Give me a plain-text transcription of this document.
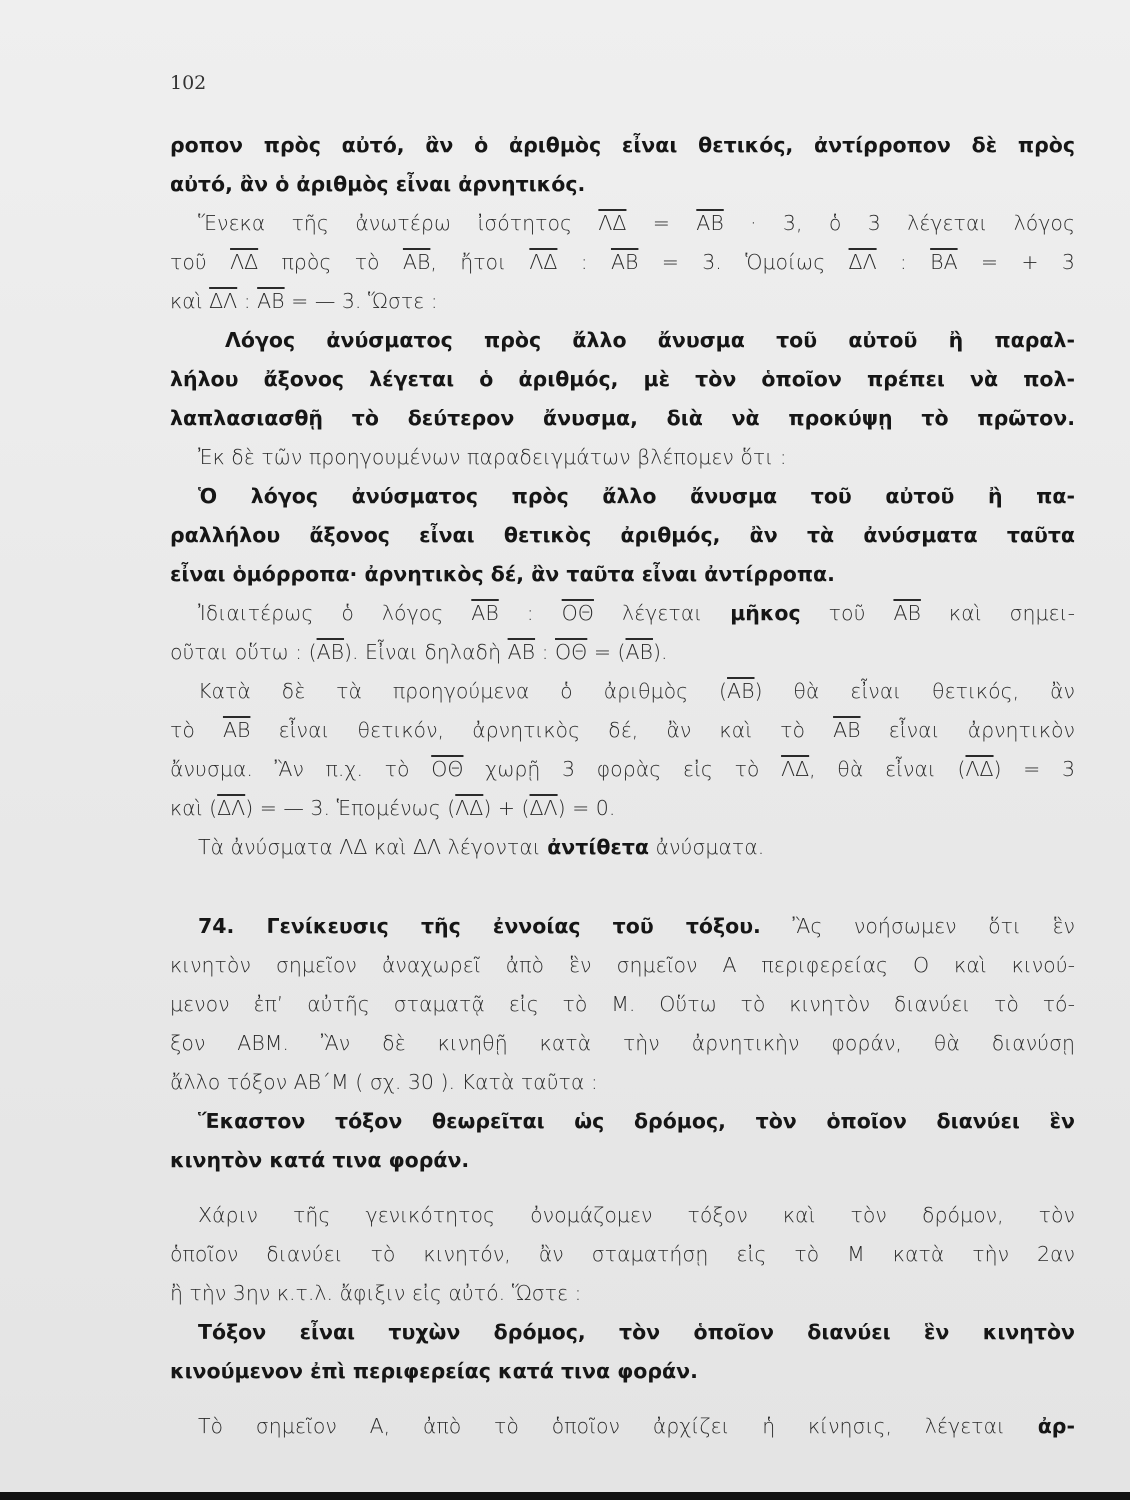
102
ροπον πρὸς αὐτό, ἂν ὁ ἀριθμὸς εἶναι θετικός, ἀντίρροπον δὲ πρὸς
αὐτό, ἂν ὁ ἀριθμὸς εἶναι ἀρνητικός.
Ἕνεκα τῆς ἀνωτέρω ἰσότητος $\overline{\Lambda\Delta} = \overline{AB} \cdot 3$, ὁ 3 λέγεται λόγος
τοῦ $\overline{\Lambda\Delta}$ πρὸς τὸ $\overline{AB}$, ἤτοι $\overline{\Lambda\Delta}$ : $\overline{AB} = 3$. Ὁμοίως $\overline{\Delta\Lambda}$ : $\overline{BA}$ = + 3
καὶ $\overline{\Delta\Lambda}$ : $\overline{AB}$ = — 3. Ὥστε :
Λόγος ἀνύσματος πρὸς ἄλλο ἄνυσμα τοῦ αὐτοῦ ἢ παραλ-
λήλου ἄξονος λέγεται ὁ ἀριθμός, μὲ τὸν ὁποῖον πρέπει νὰ πολ-
λαπλασιασθῇ τὸ δεύτερον ἄνυσμα, διὰ νὰ προκύψῃ τὸ πρῶτον.
Ἐκ δὲ τῶν προηγουμένων παραδειγμάτων βλέπομεν ὅτι :
Ὁ λόγος ἀνύσματος πρὸς ἄλλο ἄνυσμα τοῦ αὐτοῦ ἢ πα-
ραλλήλου ἄξονος εἶναι θετικὸς ἀριθμός, ἂν τὰ ἀνύσματα ταῦτα
εἶναι ὁμόρροπα· ἀρνητικὸς δέ, ἂν ταῦτα εἶναι ἀντίρροπα.
Ἰδιαιτέρως ὁ λόγος $\overline{AB}$ : $\overline{O\Theta}$ λέγεται μῆκος τοῦ $\overline{AB}$ καὶ σημει-
οῦται οὕτω : $(\overline{AB})$. Εἶναι δηλαδὴ $\overline{AB}$ : $\overline{O\Theta} = (\overline{AB})$.
Κατὰ δὲ τὰ προηγούμενα ὁ ἀριθμὸς $(\overline{AB})$ θὰ εἶναι θετικός, ἂν
τὸ $\overline{AB}$ εἶναι θετικόν, ἀρνητικὸς δέ, ἂν καὶ τὸ $\overline{AB}$ εἶναι ἀρνητικὸν
ἄνυσμα. Ἂν π.χ. τὸ $\overline{O\Theta}$ χωρῇ 3 φορὰς εἰς τὸ $\overline{\Lambda\Delta}$, θὰ εἶναι $(\overline{\Lambda\Delta}) = 3$
καὶ $(\overline{\Delta\Lambda})$ = — 3. Ἑπομένως $(\overline{\Lambda\Delta}) + (\overline{\Delta\Lambda}) = 0$.
Τὰ ἀνύσματα ΛΔ καὶ ΔΛ λέγονται ἀντίθετα ἀνύσματα.
74. Γενίκευσις τῆς ἐννοίας τοῦ τόξου. Ἂς νοήσωμεν ὅτι ἓν
κινητὸν σημεῖον ἀναχωρεῖ ἀπὸ ἓν σημεῖον Α περιφερείας Ο καὶ κινού-
μενον ἐπ’ αὐτῆς σταματᾷ εἰς τὸ Μ. Οὕτω τὸ κινητὸν διανύει τὸ τό-
ξον ΑΒΜ. Ἂν δὲ κινηθῇ κατὰ τὴν ἀρνητικὴν φοράν, θὰ διανύσῃ
ἄλλο τόξον ΑΒ΄Μ ( σχ. 30 ). Κατὰ ταῦτα :
Ἕκαστον τόξον θεωρεῖται ὡς δρόμος, τὸν ὁποῖον διανύει ἓν
κινητὸν κατά τινα φοράν.
Χάριν τῆς γενικότητος ὀνομάζομεν τόξον καὶ τὸν δρόμον, τὸν
ὁποῖον διανύει τὸ κινητόν, ἂν σταματήσῃ εἰς τὸ Μ κατὰ τὴν 2αν
ἢ τὴν 3ην κ.τ.λ. ἄφιξιν εἰς αὐτό. Ὥστε :
Τόξον εἶναι τυχὼν δρόμος, τὸν ὁποῖον διανύει ἓν κινητὸν
κινούμενον ἐπὶ περιφερείας κατά τινα φοράν.
Τὸ σημεῖον Α, ἀπὸ τὸ ὁποῖον ἀρχίζει ἡ κίνησις, λέγεται ἀρ-
